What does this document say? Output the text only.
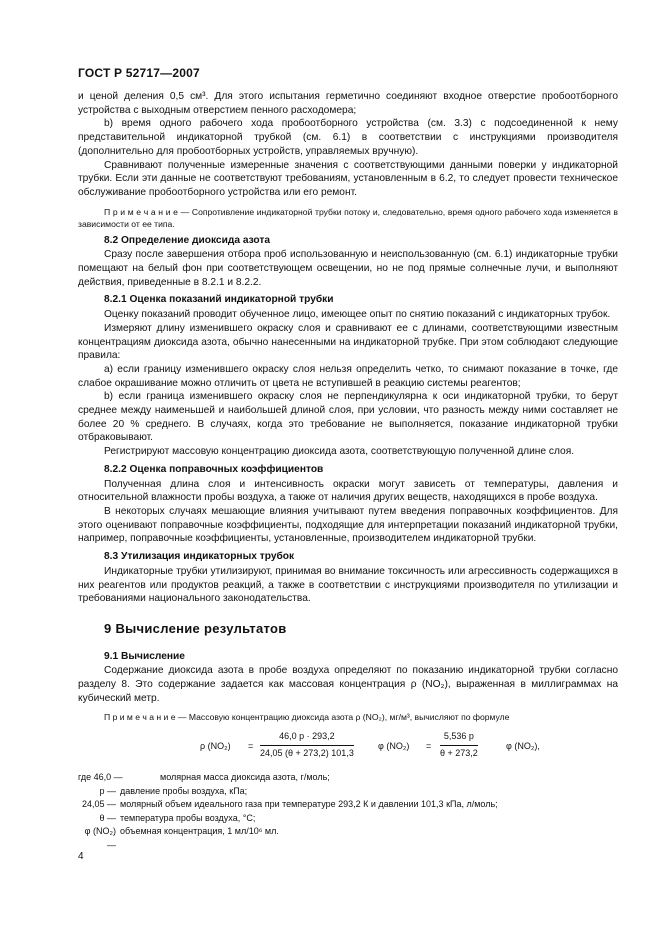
ГОСТ Р 52717—2007

и ценой деления 0,5 см³. Для этого испытания герметично соединяют входное отверстие пробоотборного устройства с выходным отверстием пенного расходомера;

b) время одного рабочего хода пробоотборного устройства (см. 3.3) с подсоединенной к нему представительной индикаторной трубкой (см. 6.1) в соответствии с инструкциями производителя (дополнительно для пробоотборных устройств, управляемых вручную).

Сравнивают полученные измеренные значения с соответствующими данными поверки у индикаторной трубки. Если эти данные не соответствуют требованиям, установленным в 6.2, то следует провести техническое обслуживание пробоотборного устройства или его ремонт.

П р и м е ч а н и е — Сопротивление индикаторной трубки потоку и, следовательно, время одного рабочего хода изменяется в зависимости от ее типа.

8.2 Определение диоксида азота

Сразу после завершения отбора проб использованную и неиспользованную (см. 6.1) индикаторные трубки помещают на белый фон при соответствующем освещении, но не под прямые солнечные лучи, и выполняют действия, приведенные в 8.2.1 и 8.2.2.

8.2.1 Оценка показаний индикаторной трубки

Оценку показаний проводит обученное лицо, имеющее опыт по снятию показаний с индикаторных трубок.

Измеряют длину изменившего окраску слоя и сравнивают ее с длинами, соответствующими известным концентрациям диоксида азота, обычно нанесенными на индикаторной трубке. При этом соблюдают следующие правила:

a) если границу изменившего окраску слоя нельзя определить четко, то снимают показание в точке, где слабое окрашивание можно отличить от цвета не вступившей в реакцию системы реагентов;

b) если граница изменившего окраску слоя не перпендикулярна к оси индикаторной трубки, то берут среднее между наименьшей и наибольшей длиной слоя, при условии, что разность между ними составляет не более 20 % среднего. В случаях, когда это требование не выполняется, показание индикаторной трубки отбраковывают.

Регистрируют массовую концентрацию диоксида азота, соответствующую полученной длине слоя.

8.2.2 Оценка поправочных коэффициентов

Полученная длина слоя и интенсивность окраски могут зависеть от температуры, давления и относительной влажности пробы воздуха, а также от наличия других веществ, находящихся в пробе воздуха.

В некоторых случаях мешающие влияния учитывают путем введения поправочных коэффициентов. Для этого оценивают поправочные коэффициенты, подходящие для интерпретации показаний индикаторной трубки, например, поправочные коэффициенты, установленные, производителем индикаторной трубки.

8.3 Утилизация индикаторных трубок

Индикаторные трубки утилизируют, принимая во внимание токсичность или агрессивность содержащихся в них реагентов или продуктов реакций, а также в соответствии с инструкциями производителя по утилизации и требованиями национального законодательства.

9 Вычисление результатов
9.1 Вычисление

Содержание диоксида азота в пробе воздуха определяют по показанию индикаторной трубки согласно разделу 8. Это содержание задается как массовая концентрация ρ (NO₂), выраженная в миллиграммах на кубический метр.

П р и м е ч а н и е — Массовую концентрацию диоксида азота ρ (NO₂), мг/м³, вычисляют по формуле

ρ $(NO_2) = \frac{46,0 p \cdot 293,2}{24,05 (\theta + 273,2) 101,3}$	φ $(NO_2) = \frac{5,536 p}{\theta + 273,2}$	φ (NO₂),
где 46,0 —	молярная масса диоксида азота, г/моль;
p — давление пробы воздуха, кПа;
24,05 — молярный объем идеального газа при температуре 293,2 К и давлении 101,3 кПа, л/моль;
θ — температура пробы воздуха, °С;
φ (NO₂) —
объемная концентрация, 1 мл/10⁶ мл.
4
